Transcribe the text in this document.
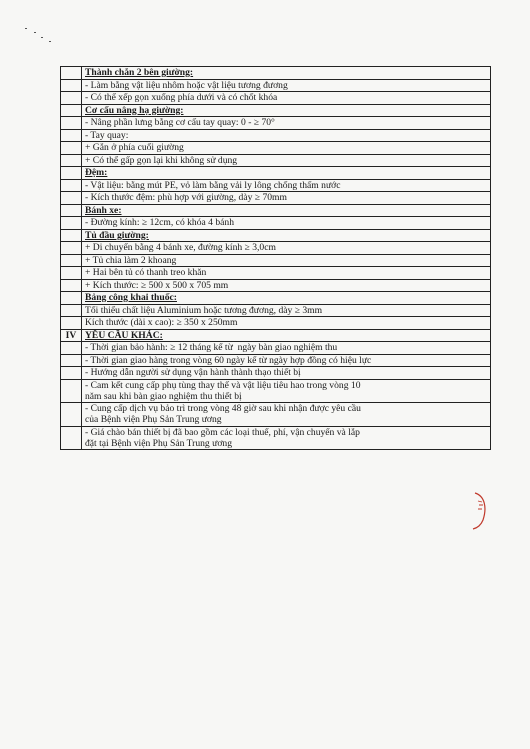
	Thành chắn 2 bên giường:
	- Làm bằng vật liệu nhôm hoặc vật liệu tương đương
	- Có thể xếp gọn xuống phía dưới và có chốt khóa
	Cơ cấu nâng hạ giường:
	- Nâng phần lưng bằng cơ cấu tay quay: 0 - ≥ 70°
	- Tay quay:
	+ Gắn ở phía cuối giường
	+ Có thể gấp gọn lại khi không sử dụng
	Đệm:
	- Vật liệu: bằng mút PE, vỏ làm bằng vải ly lông chống thấm nước
	- Kích thước đệm: phù hợp với giường, dày ≥ 70mm
	Bánh xe:
	- Đường kính: ≥ 12cm, có khóa 4 bánh
	Tủ đầu giường:
	+ Di chuyển bằng 4 bánh xe, đường kính ≥ 3,0cm
	+ Tủ chia làm 2 khoang
	+ Hai bên tủ có thanh treo khăn
	+ Kích thước: ≥ 500 x 500 x 705 mm
	Bảng công khai thuốc:
	Tối thiểu chất liệu Aluminium hoặc tương đương, dày ≥ 3mm
	Kích thước (dài x cao): ≥ 350 x 250mm
IV	YÊU CẦU KHÁC:
	- Thời gian bảo hành: ≥ 12 tháng kể từ  ngày bàn giao nghiệm thu
	- Thời gian giao hàng trong vòng 60 ngày kể từ ngày hợp đồng có hiệu lực
	- Hướng dẫn người sử dụng vận hành thành thạo thiết bị
	- Cam kết cung cấp phụ tùng thay thế và vật liệu tiêu hao trong vòng 10
năm sau khi bàn giao nghiệm thu thiết bị
	- Cung cấp dịch vụ bảo trì trong vòng 48 giờ sau khi nhận được yêu cầu
của Bệnh viện Phụ Sản Trung ương
	- Giá chào bán thiết bị đã bao gồm các loại thuế, phí, vận chuyển và lắp
đặt tại Bệnh viện Phụ Sản Trung ương
